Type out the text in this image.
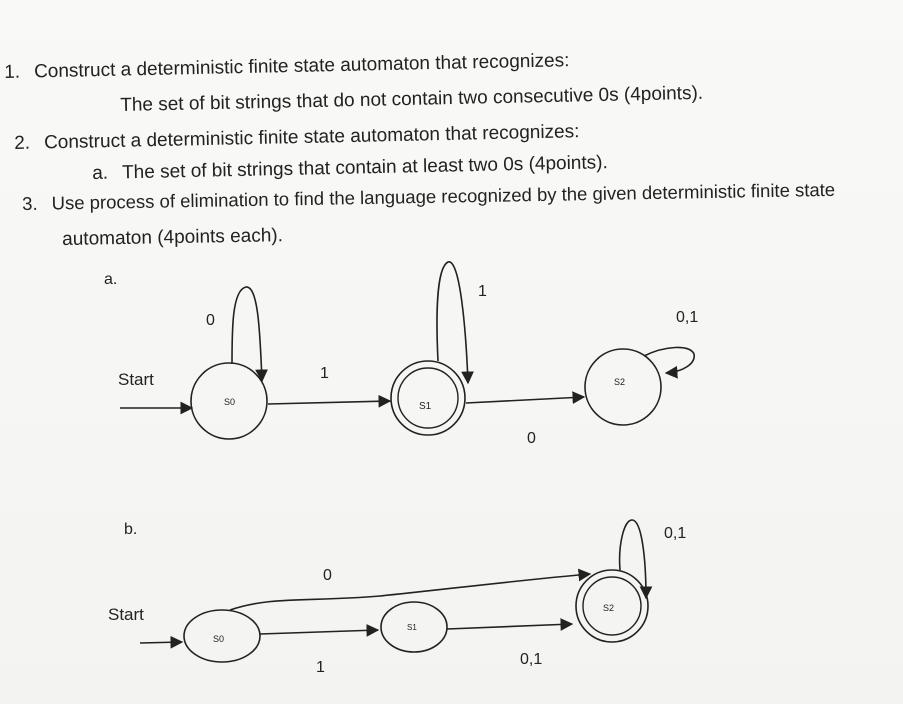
1. Construct a deterministic finite state automaton that recognizes:
The set of bit strings that do not contain two consecutive 0s (4points).
2. Construct a deterministic finite state automaton that recognizes:
a. The set of bit strings that contain at least two 0s (4points).
3. Use process of elimination to find the language recognized by the given deterministic finite state
automaton (4points each).
a.
Start
S0
0
1
S1
1
0
S2
0,1
b.
Start
S0
0
1
S1
0,1
S2
0,1
